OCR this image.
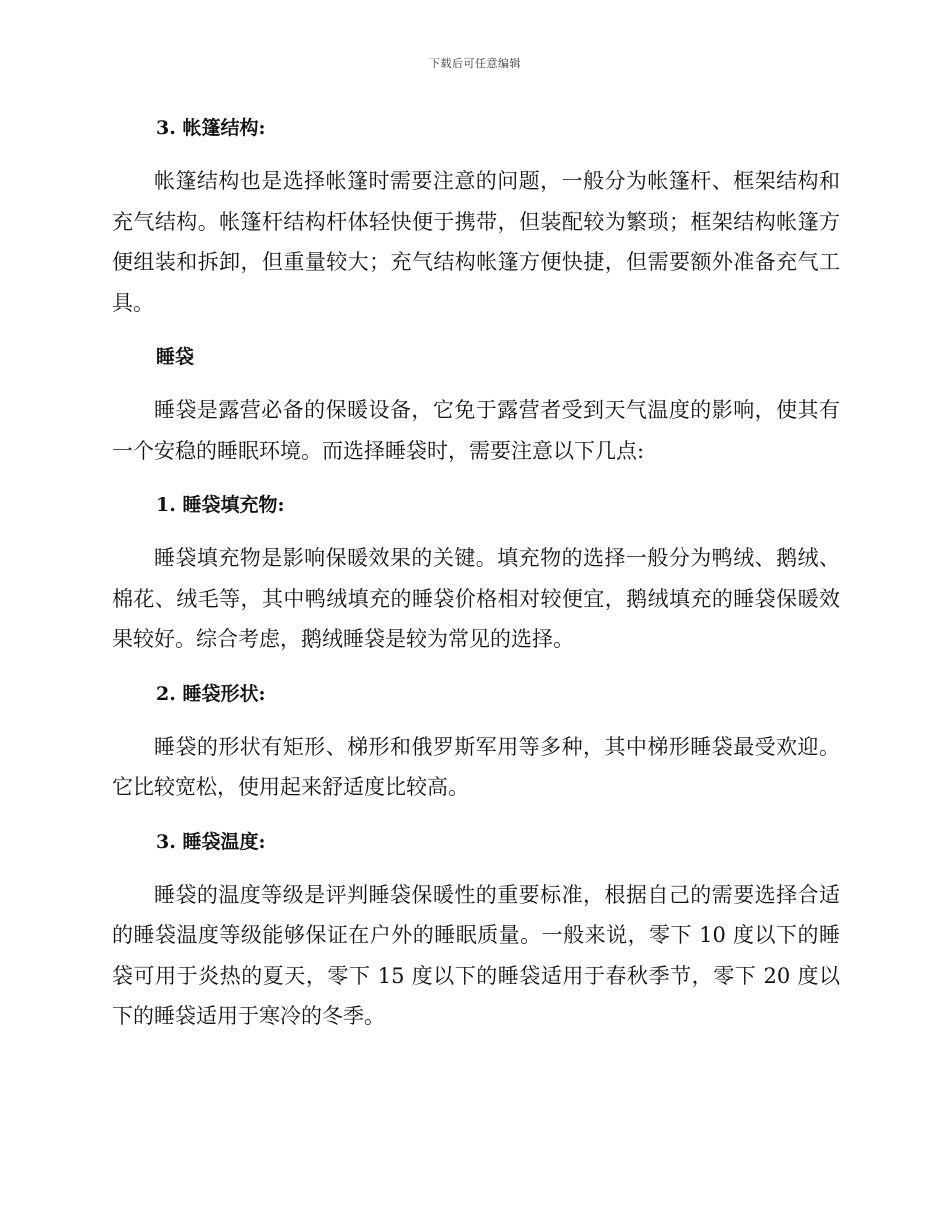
下载后可任意编辑
3. 帐篷结构:

帐篷结构也是选择帐篷时需要注意的问题，一般分为帐篷杆、框架结构和充气结构。帐篷杆结构杆体轻快便于携带，但装配较为繁琐；框架结构帐篷方便组装和拆卸，但重量较大；充气结构帐篷方便快捷，但需要额外准备充气工具。

睡袋

睡袋是露营必备的保暖设备，它免于露营者受到天气温度的影响，使其有一个安稳的睡眠环境。而选择睡袋时，需要注意以下几点:

1. 睡袋填充物:

睡袋填充物是影响保暖效果的关键。填充物的选择一般分为鸭绒、鹅绒、棉花、绒毛等，其中鸭绒填充的睡袋价格相对较便宜，鹅绒填充的睡袋保暖效果较好。综合考虑，鹅绒睡袋是较为常见的选择。

2. 睡袋形状:

睡袋的形状有矩形、梯形和俄罗斯军用等多种，其中梯形睡袋最受欢迎。它比较宽松，使用起来舒适度比较高。

3. 睡袋温度:

睡袋的温度等级是评判睡袋保暖性的重要标准，根据自己的需要选择合适的睡袋温度等级能够保证在户外的睡眠质量。一般来说，零下 10 度以下的睡袋可用于炎热的夏天，零下 15 度以下的睡袋适用于春秋季节，零下 20 度以下的睡袋适用于寒冷的冬季。
